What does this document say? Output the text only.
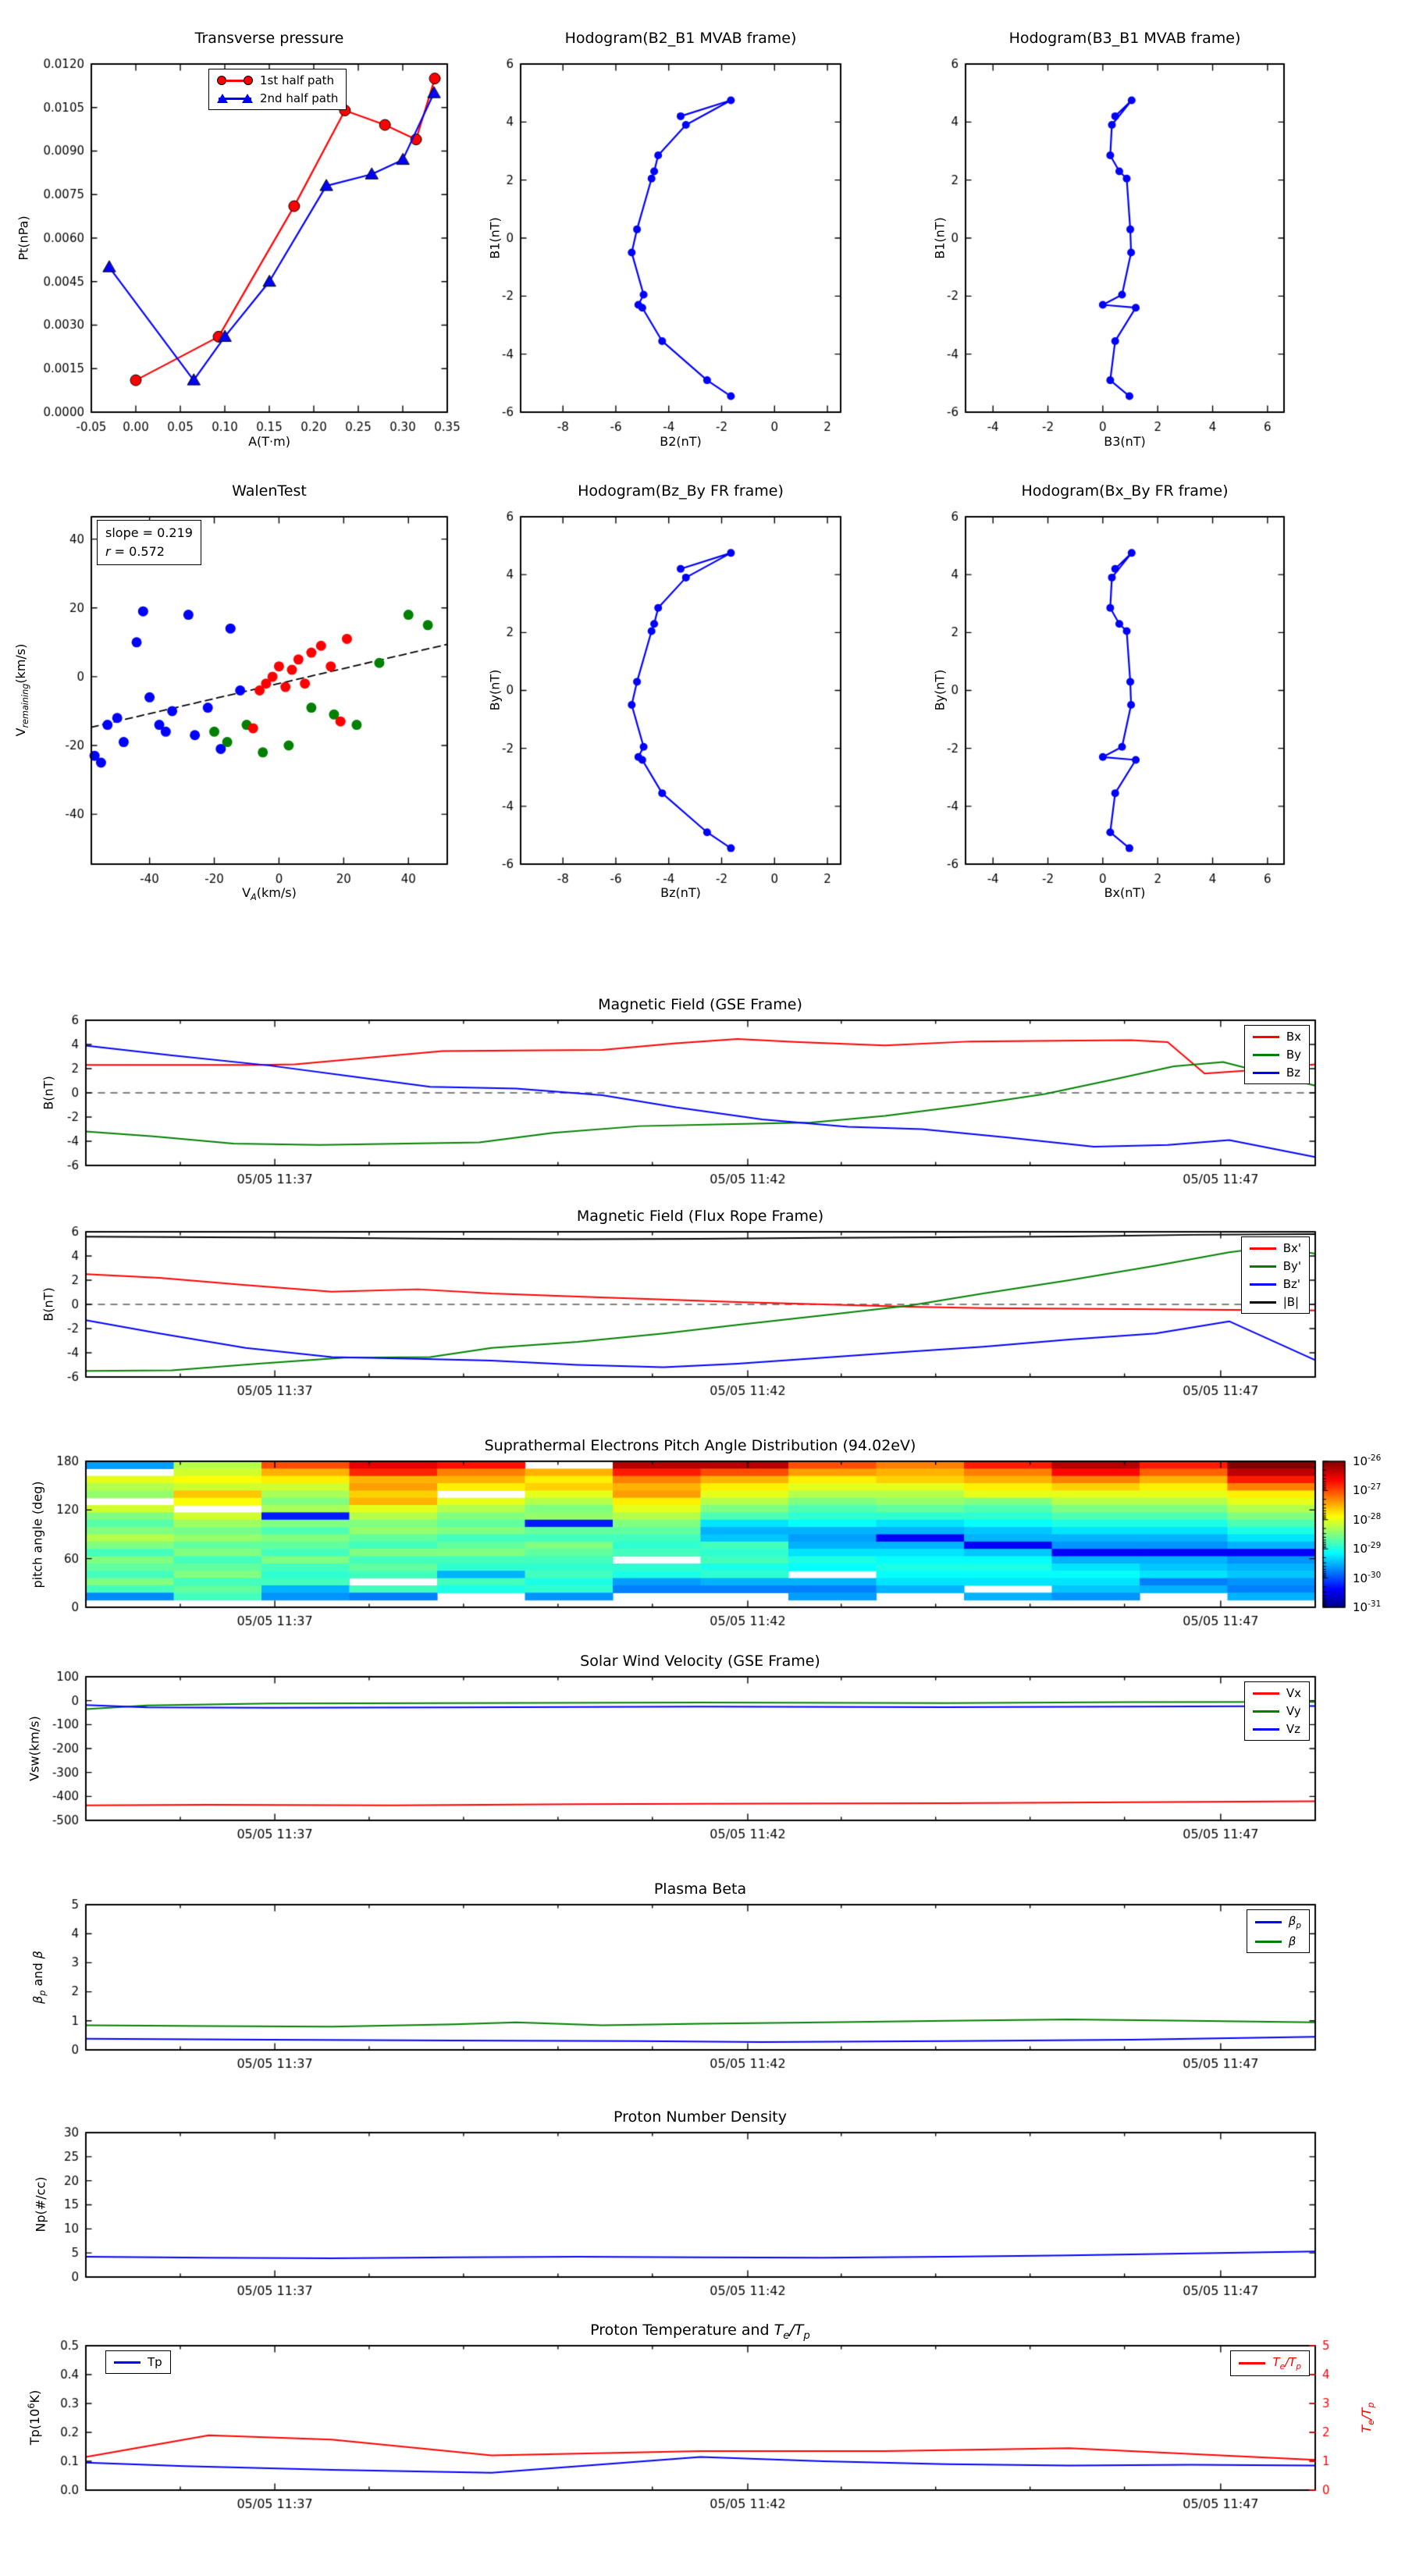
Transverse pressure	Hodogram(B2_B1 MVAB frame)	Hodogram(B3_B1 MVAB frame)
Pt(nPa)	B1(nT)	B1(nT)
A(T·m)	B2(nT)	B3(nT)
1st half path
2nd half path
WalenTest	Hodogram(Bz_By FR frame)	Hodogram(Bx_By FR frame)
$V_{remaining}(km/s)$
By(nT)	By(nT)
$V_A(km/s)$	Bz(nT)	Bx(nT)
slope = 0.219
r = 0.572
Magnetic Field (GSE Frame)
B(nT)
Bx
By
Bz
Magnetic Field (Flux Rope Frame)
B(nT)
Bx'
By'
Bz'
|B|
Suprathermal Electrons Pitch Angle Distribution (94.02eV)
pitch angle (deg)
$10^{-26}$
$10^{-27}$
$10^{-28}$
$10^{-29}$
$10^{-30}$
$10^{-31}$
Solar Wind Velocity (GSE Frame)
Vsw(km/s)
Vx
Vy
Vz
Plasma Beta
$\beta_p$ and β
$\beta_p$
β
Proton Number Density
Np(#/cc)
Proton Temperature and $T_e/T_p$
$Tp(10^6K)$
$T_e/T_p$
Tp	$T_e/T_p$
